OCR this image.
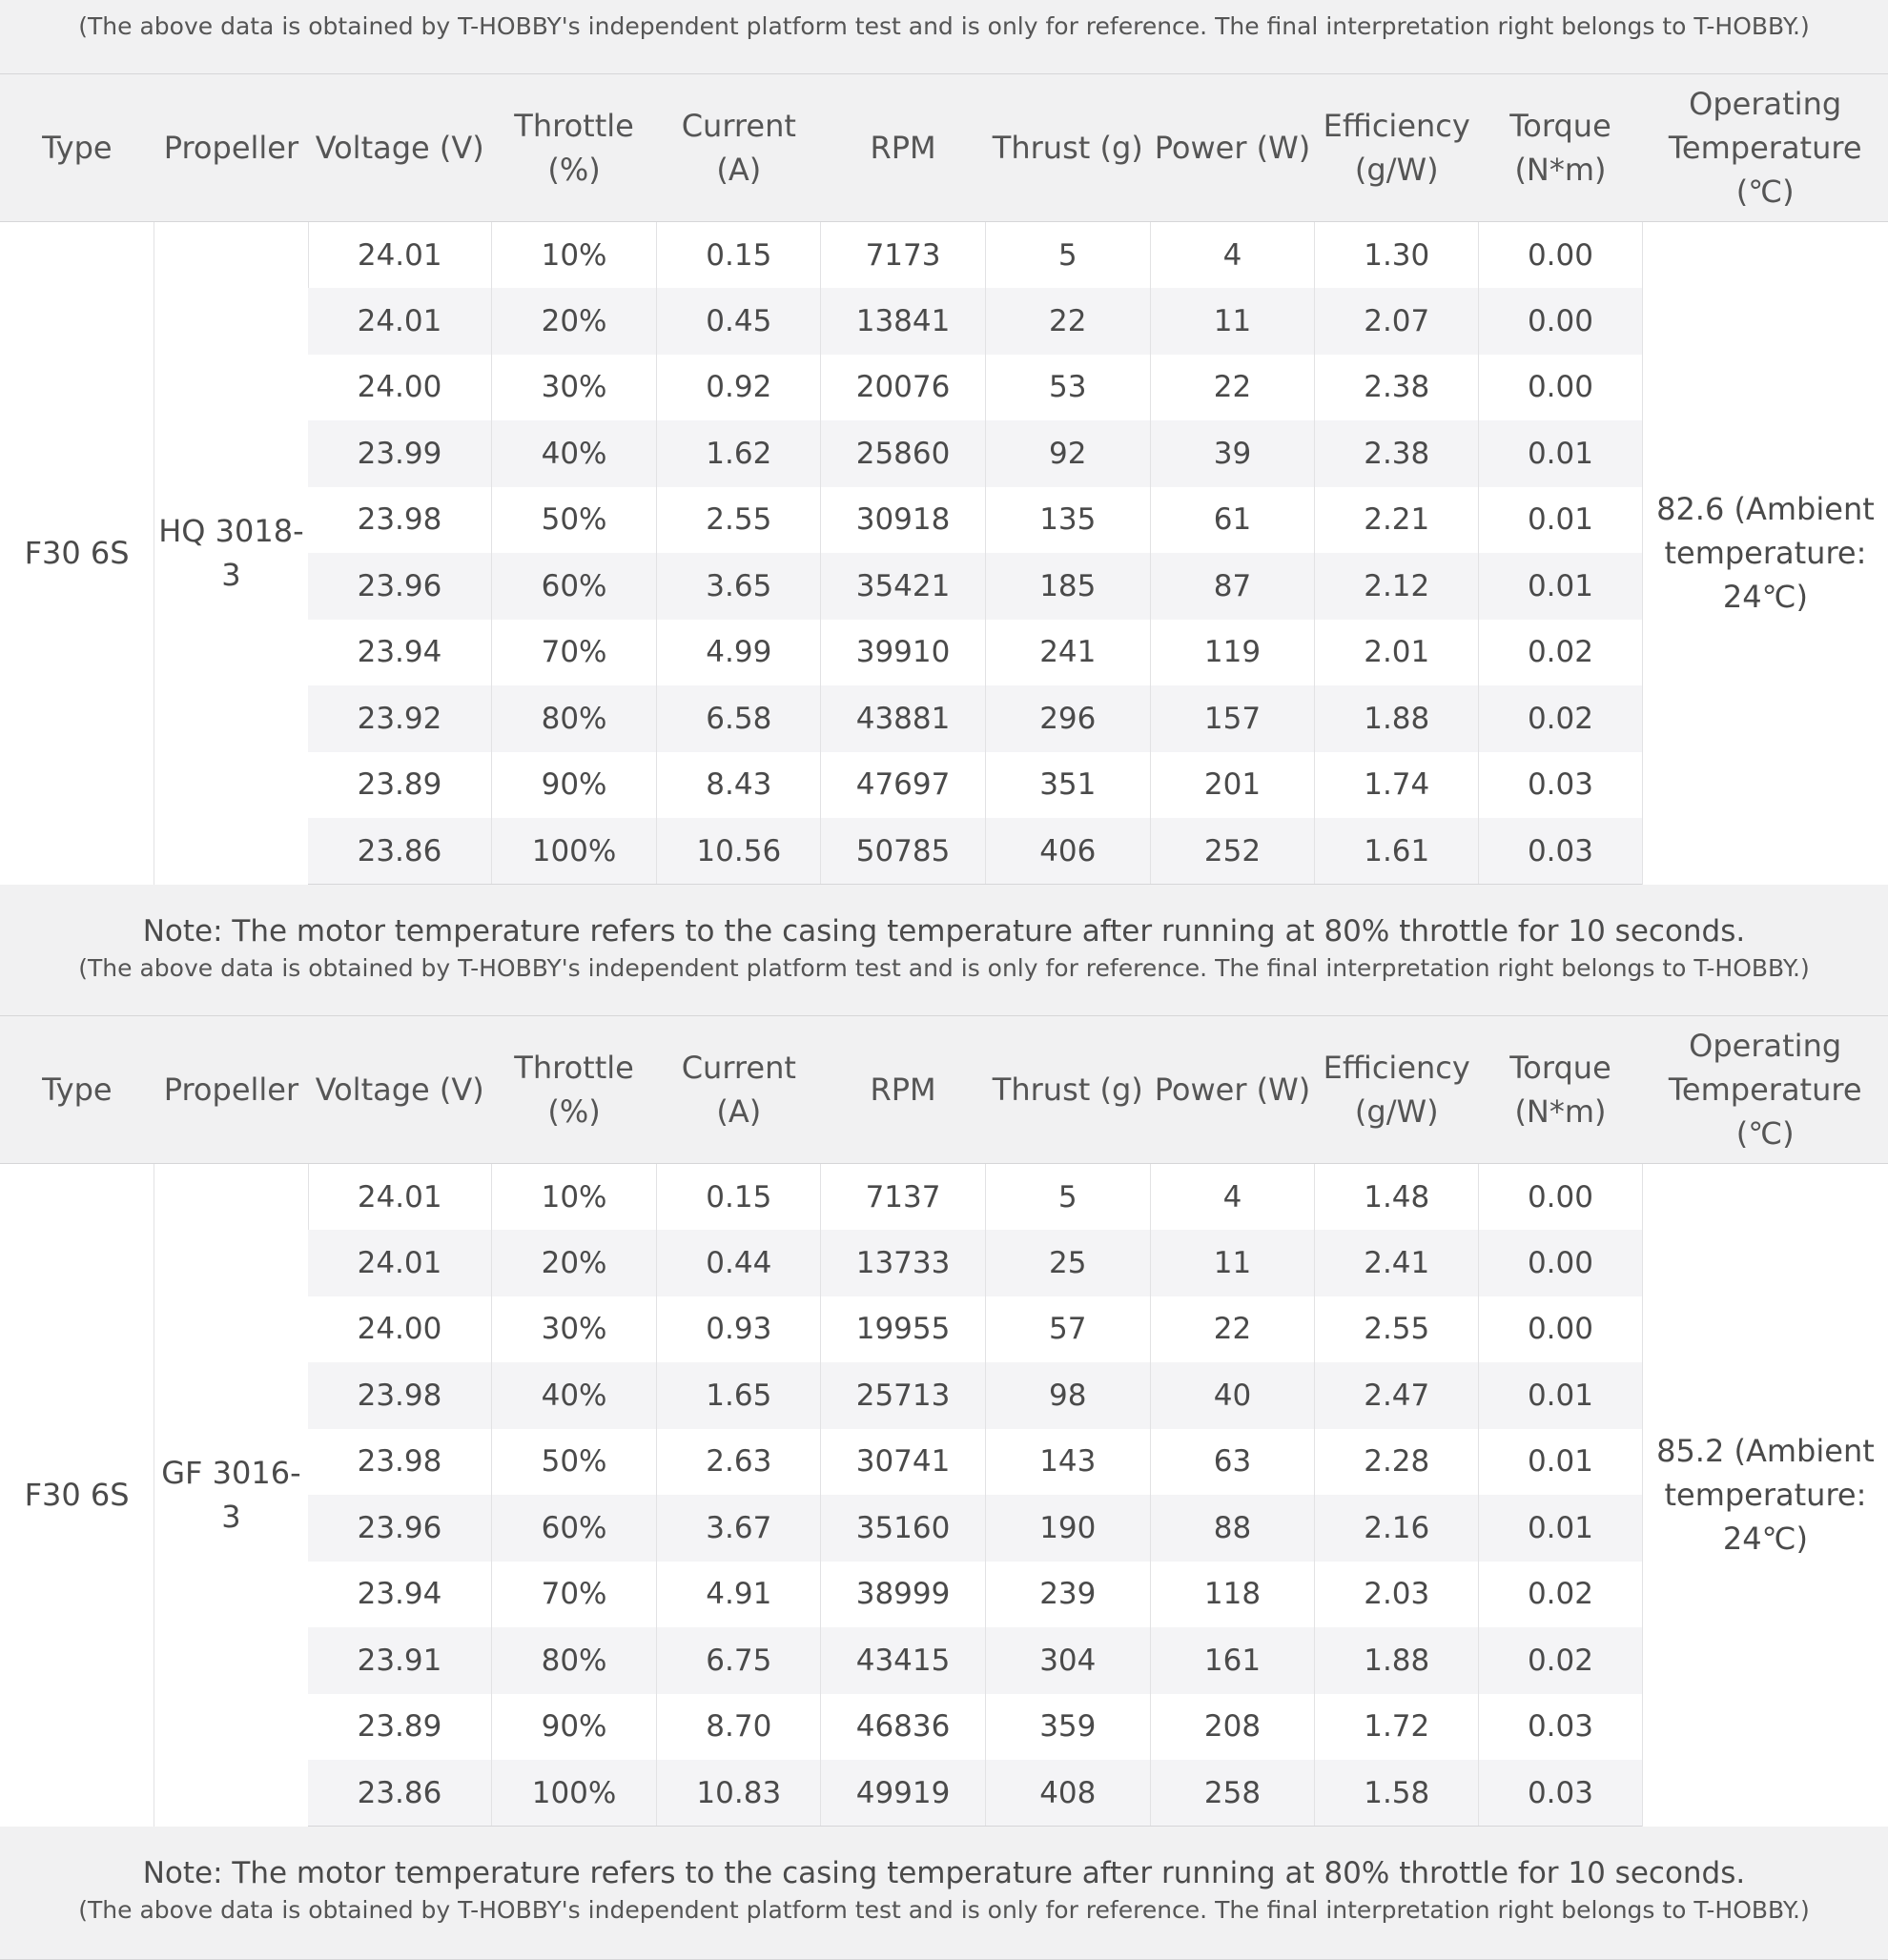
(The above data is obtained by T-HOBBY's independent platform test and is only for reference. The final interpretation right belongs to T-HOBBY.)
Type	Propeller	Voltage (V)	Throttle (%)	Current (A)	RPM	Thrust (g)	Power (W)	Efficiency (g/W)	Torque (N*m)	Operating Temperature (℃)
F30 6S	HQ 3018-3	24.01	10%	0.15	7173	5	4	1.30	0.00	82.6 (Ambient temperature: 24℃)
		24.01	20%	0.45	13841	22	11	2.07	0.00	
		24.00	30%	0.92	20076	53	22	2.38	0.00	
		23.99	40%	1.62	25860	92	39	2.38	0.01	
		23.98	50%	2.55	30918	135	61	2.21	0.01	
		23.96	60%	3.65	35421	185	87	2.12	0.01	
		23.94	70%	4.99	39910	241	119	2.01	0.02	
		23.92	80%	6.58	43881	296	157	1.88	0.02	
		23.89	90%	8.43	47697	351	201	1.74	0.03	
		23.86	100%	10.56	50785	406	252	1.61	0.03	
Note: The motor temperature refers to the casing temperature after running at 80% throttle for 10 seconds.
(The above data is obtained by T-HOBBY's independent platform test and is only for reference. The final interpretation right belongs to T-HOBBY.)
Type	Propeller	Voltage (V)	Throttle (%)	Current (A)	RPM	Thrust (g)	Power (W)	Efficiency (g/W)	Torque (N*m)	Operating Temperature (℃)
F30 6S	GF 3016-3	24.01	10%	0.15	7137	5	4	1.48	0.00	85.2 (Ambient temperature: 24℃)
		24.01	20%	0.44	13733	25	11	2.41	0.00	
		24.00	30%	0.93	19955	57	22	2.55	0.00	
		23.98	40%	1.65	25713	98	40	2.47	0.01	
		23.98	50%	2.63	30741	143	63	2.28	0.01	
		23.96	60%	3.67	35160	190	88	2.16	0.01	
		23.94	70%	4.91	38999	239	118	2.03	0.02	
		23.91	80%	6.75	43415	304	161	1.88	0.02	
		23.89	90%	8.70	46836	359	208	1.72	0.03	
		23.86	100%	10.83	49919	408	258	1.58	0.03	
Note: The motor temperature refers to the casing temperature after running at 80% throttle for 10 seconds.
(The above data is obtained by T-HOBBY's independent platform test and is only for reference. The final interpretation right belongs to T-HOBBY.)
